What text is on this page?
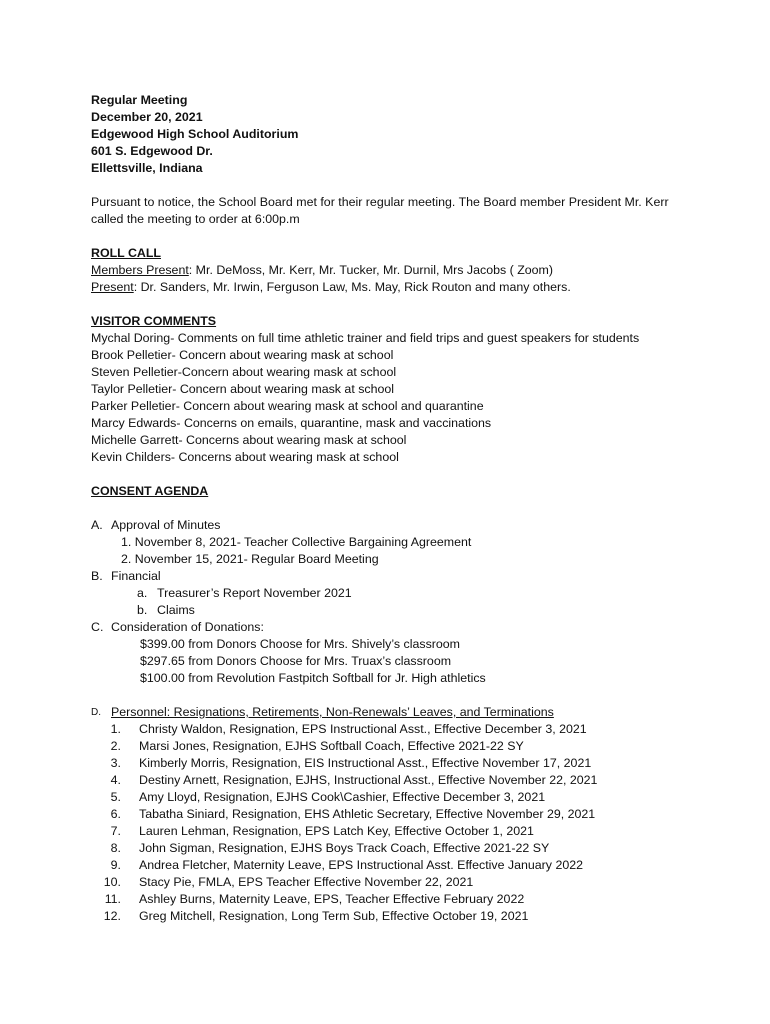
Regular Meeting
December 20, 2021
Edgewood High School Auditorium
601 S. Edgewood Dr.
Ellettsville, Indiana
Pursuant to notice, the School Board met for their regular meeting. The Board member President Mr. Kerr
called the meeting to order at 6:00p.m
ROLL CALL
Members Present: Mr. DeMoss, Mr. Kerr, Mr. Tucker, Mr. Durnil, Mrs Jacobs ( Zoom)
Present: Dr. Sanders, Mr. Irwin, Ferguson Law, Ms. May, Rick Routon and many others.
VISITOR COMMENTS
Mychal Doring- Comments on full time athletic trainer and field trips and guest speakers for students
Brook Pelletier- Concern about wearing mask at school
Steven Pelletier-Concern about wearing mask at school
Taylor Pelletier- Concern about wearing mask at school
Parker Pelletier- Concern about wearing mask at school and quarantine
Marcy Edwards- Concerns on emails, quarantine, mask and vaccinations
Michelle Garrett- Concerns about wearing mask at school
Kevin Childers- Concerns about wearing mask at school
CONSENT AGENDA
A. Approval of Minutes
1. November 8, 2021- Teacher Collective Bargaining Agreement
2. November 15, 2021- Regular Board Meeting
B. Financial
a. Treasurer’s Report November 2021
b. Claims
C. Consideration of Donations:
$399.00 from Donors Choose for Mrs. Shively’s classroom
$297.65 from Donors Choose for Mrs. Truax’s classroom
$100.00 from Revolution Fastpitch Softball for Jr. High athletics
D. Personnel: Resignations, Retirements, Non-Renewals’ Leaves, and Terminations
1. Christy Waldon, Resignation, EPS Instructional Asst., Effective December 3, 2021
2. Marsi Jones, Resignation, EJHS Softball Coach, Effective 2021-22 SY
3. Kimberly Morris, Resignation, EIS Instructional Asst., Effective November 17, 2021
4. Destiny Arnett, Resignation, EJHS, Instructional Asst., Effective November 22, 2021
5. Amy Lloyd, Resignation, EJHS Cook\Cashier, Effective December 3, 2021
6. Tabatha Siniard, Resignation, EHS Athletic Secretary, Effective November 29, 2021
7. Lauren Lehman, Resignation, EPS Latch Key, Effective October 1, 2021
8. John Sigman, Resignation, EJHS Boys Track Coach, Effective 2021-22 SY
9. Andrea Fletcher, Maternity Leave, EPS Instructional Asst. Effective January 2022
10. Stacy Pie, FMLA, EPS Teacher Effective November 22, 2021
11. Ashley Burns, Maternity Leave, EPS, Teacher Effective February 2022
12. Greg Mitchell, Resignation, Long Term Sub, Effective October 19, 2021
